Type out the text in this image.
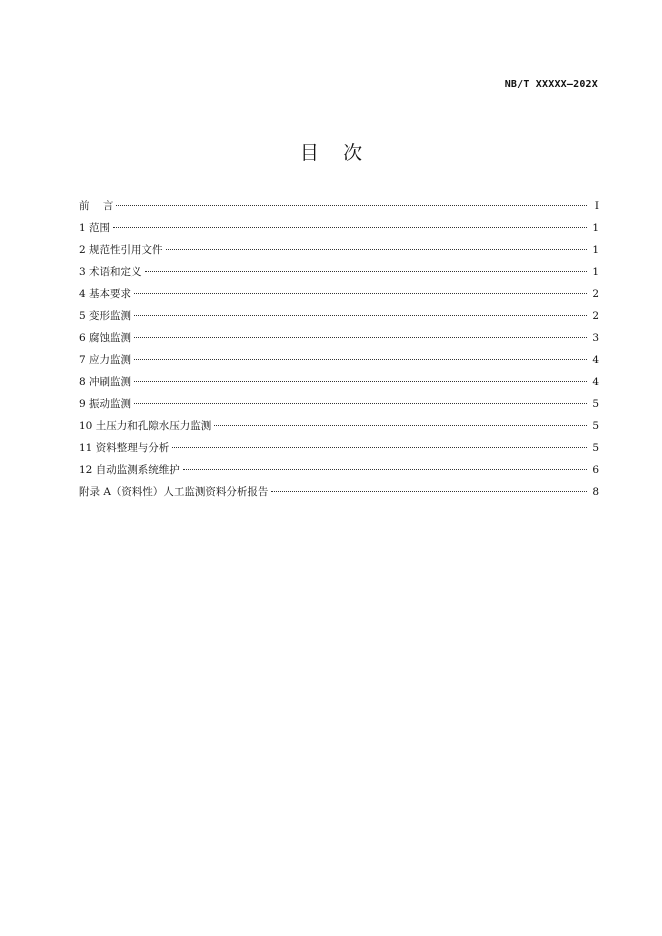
NB/T XXXXX—202X
目    次
前    言	I
1 范围	1
2 规范性引用文件	1
3 术语和定义	1
4 基本要求	2
5 变形监测	2
6 腐蚀监测	3
7 应力监测	4
8 冲刷监测	4
9 振动监测	5
10 土压力和孔隙水压力监测	5
11 资料整理与分析	5
12 自动监测系统维护	6
附录 A（资料性）人工监测资料分析报告	8
